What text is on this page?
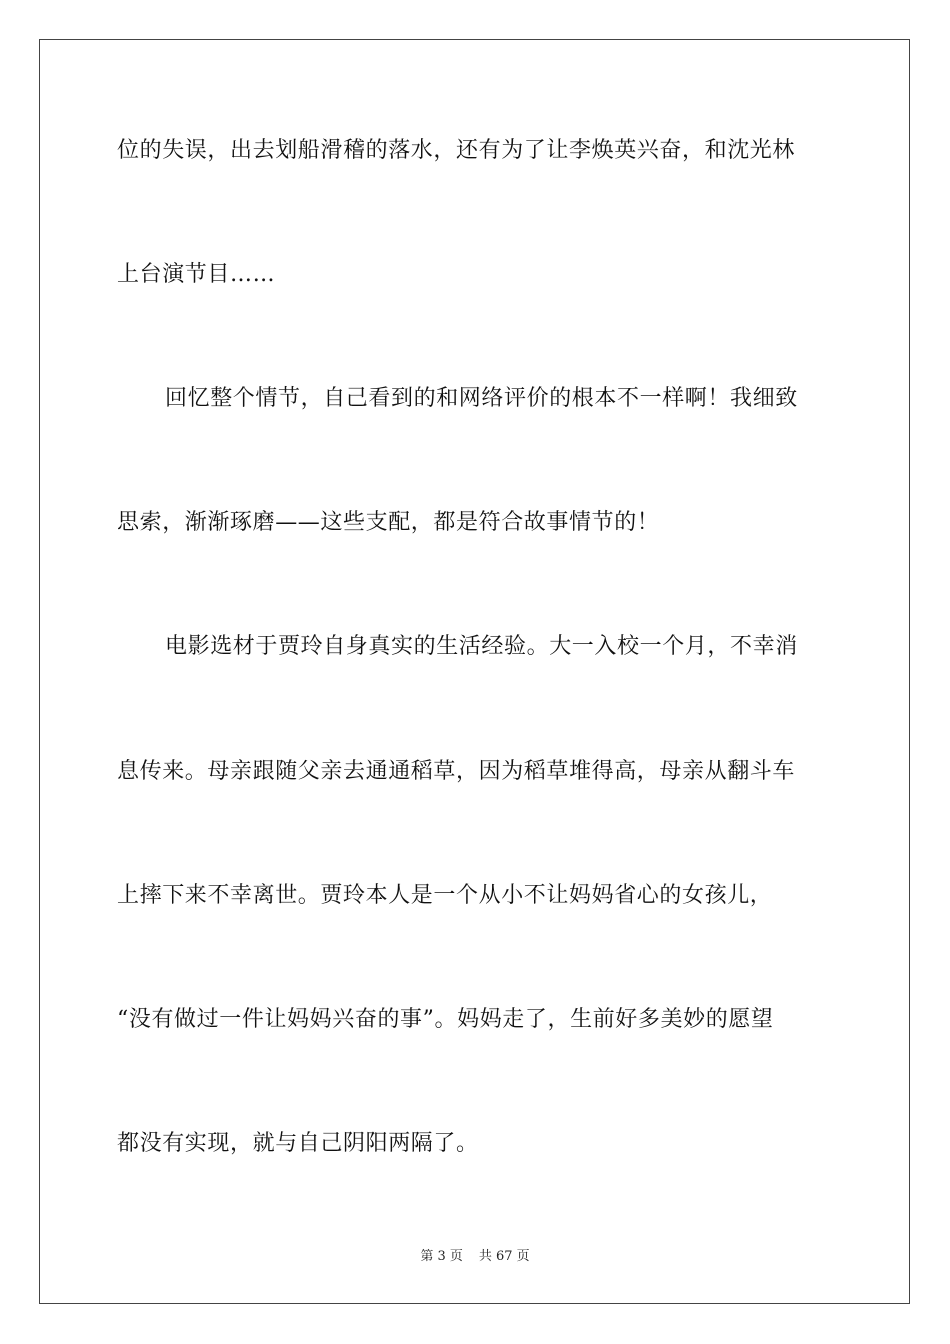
位的失误，出去划船滑稽的落水，还有为了让李焕英兴奋，和沈光林
上台演节目……
回忆整个情节，自己看到的和网络评价的根本不一样啊！我细致
思索，渐渐琢磨——这些支配，都是符合故事情节的！
电影选材于贾玲自身真实的生活经验。大一入校一个月，不幸消
息传来。母亲跟随父亲去通通稻草，因为稻草堆得高，母亲从翻斗车
上摔下来不幸离世。贾玲本人是一个从小不让妈妈省心的女孩儿，
“没有做过一件让妈妈兴奋的事”。妈妈走了，生前好多美妙的愿望
都没有实现，就与自己阴阳两隔了。
第 3 页 共 67 页
